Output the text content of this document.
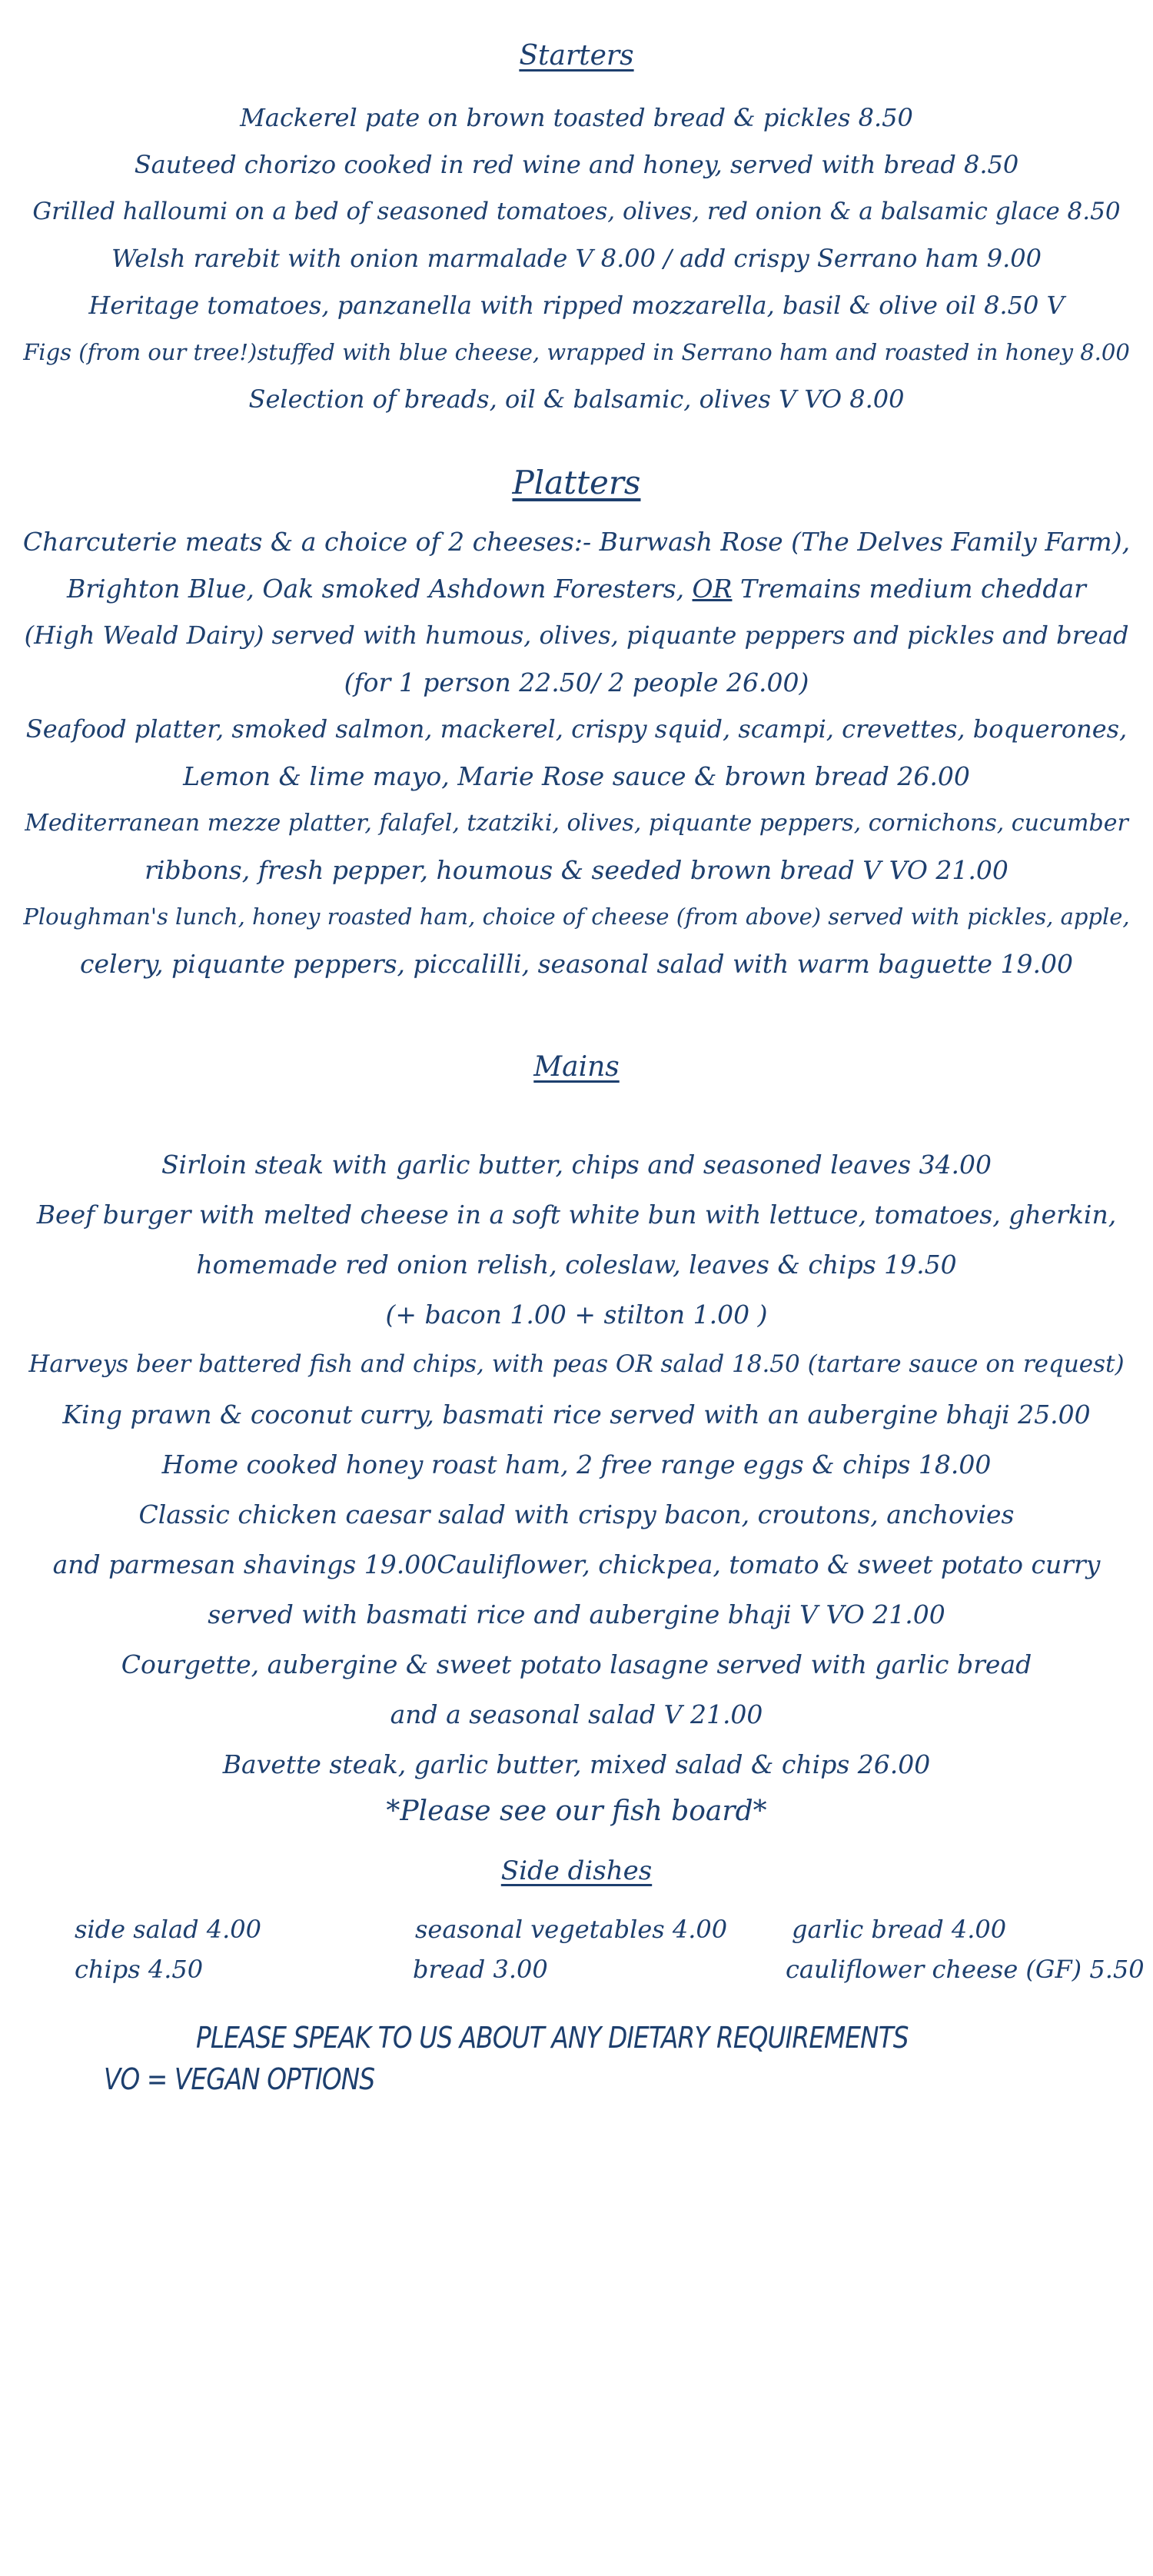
Starters
Mackerel pate on brown toasted bread & pickles 8.50
Sauteed chorizo cooked in red wine and honey, served with bread 8.50
Grilled halloumi on a bed of seasoned tomatoes, olives, red onion & a balsamic glace 8.50
Welsh rarebit with onion marmalade V 8.00 / add crispy Serrano ham 9.00
Heritage tomatoes, panzanella with ripped mozzarella, basil & olive oil 8.50 V
Figs (from our tree!)stuffed with blue cheese, wrapped in Serrano ham and roasted in honey 8.00
Selection of breads, oil & balsamic, olives V VO 8.00
Platters
Charcuterie meats & a choice of 2 cheeses:- Burwash Rose (The Delves Family Farm),
Brighton Blue, Oak smoked Ashdown Foresters, OR Tremains medium cheddar
(High Weald Dairy) served with humous, olives, piquante peppers and pickles and bread
(for 1 person 22.50/ 2 people 26.00)
Seafood platter, smoked salmon, mackerel, crispy squid, scampi, crevettes, boquerones,
Lemon & lime mayo, Marie Rose sauce & brown bread 26.00
Mediterranean mezze platter, falafel, tzatziki, olives, piquante peppers, cornichons, cucumber
ribbons, fresh pepper, houmous & seeded brown bread V VO 21.00
Ploughman's lunch, honey roasted ham, choice of cheese (from above) served with pickles, apple,
celery, piquante peppers, piccalilli, seasonal salad with warm baguette 19.00
Mains
Sirloin steak with garlic butter, chips and seasoned leaves 34.00
Beef burger with melted cheese in a soft white bun with lettuce, tomatoes, gherkin,
homemade red onion relish, coleslaw, leaves & chips 19.50
(+ bacon 1.00 + stilton 1.00 )
Harveys beer battered fish and chips, with peas OR salad 18.50 (tartare sauce on request)
King prawn & coconut curry, basmati rice served with an aubergine bhaji 25.00
Home cooked honey roast ham, 2 free range eggs & chips 18.00
Classic chicken caesar salad with crispy bacon, croutons, anchovies
and parmesan shavings 19.00Cauliflower, chickpea, tomato & sweet potato curry
served with basmati rice and aubergine bhaji V VO 21.00
Courgette, aubergine & sweet potato lasagne served with garlic bread
and a seasonal salad V 21.00
Bavette steak, garlic butter, mixed salad & chips 26.00

*Please see our fish board*

Side dishes
side salad 4.00	seasonal vegetables 4.00	garlic bread 4.00
chips 4.50	bread 3.00	cauliflower cheese (GF) 5.50

PLEASE SPEAK TO US ABOUT ANY DIETARY REQUIREMENTS

VO = VEGAN OPTIONS
